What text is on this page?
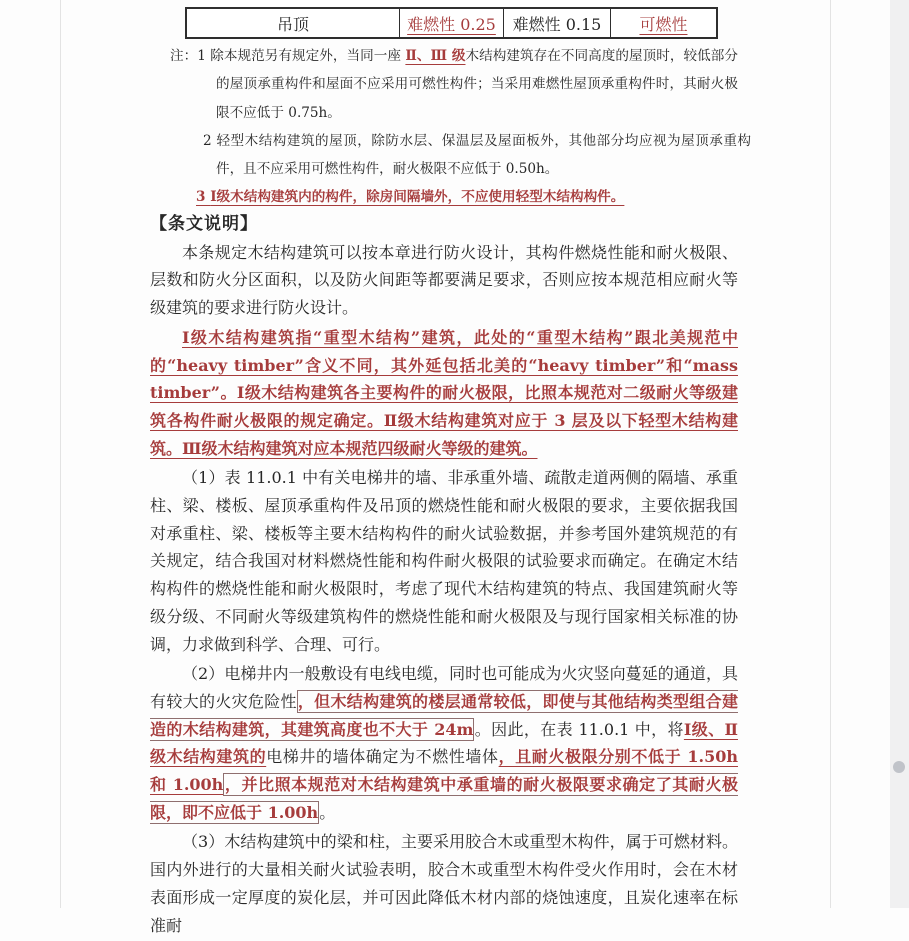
吊顶	难燃性 0.25	难燃性 0.15	可燃性
注：1 除本规范另有规定外，当同一座 Ⅱ、Ⅲ 级木结构建筑存在不同高度的屋顶时，较低部分的屋顶承重构件和屋面不应采用可燃性构件；当采用难燃性屋顶承重构件时，其耐火极限不应低于 0.75h。
2 轻型木结构建筑的屋顶，除防水层、保温层及屋面板外，其他部分均应视为屋顶承重构件，且不应采用可燃性构件，耐火极限不应低于 0.50h。
3 I级木结构建筑内的构件，除房间隔墙外，不应使用轻型木结构构件。
【条文说明】

本条规定木结构建筑可以按本章进行防火设计，其构件燃烧性能和耐火极限、层数和防火分区面积，以及防火间距等都要满足要求，否则应按本规范相应耐火等级建筑的要求进行防火设计。

I级木结构建筑指“重型木结构”建筑，此处的“重型木结构”跟北美规范中的“heavy timber”含义不同，其外延包括北美的“heavy timber”和“mass timber”。I级木结构建筑各主要构件的耐火极限，比照本规范对二级耐火等级建筑各构件耐火极限的规定确定。Ⅱ级木结构建筑对应于 3 层及以下轻型木结构建筑。Ⅲ级木结构建筑对应本规范四级耐火等级的建筑。

（1）表 11.0.1 中有关电梯井的墙、非承重外墙、疏散走道两侧的隔墙、承重柱、梁、楼板、屋顶承重构件及吊顶的燃烧性能和耐火极限的要求，主要依据我国对承重柱、梁、楼板等主要木结构构件的耐火试验数据，并参考国外建筑规范的有关规定，结合我国对材料燃烧性能和构件耐火极限的试验要求而确定。在确定木结构构件的燃烧性能和耐火极限时，考虑了现代木结构建筑的特点、我国建筑耐火等级分级、不同耐火等级建筑构件的燃烧性能和耐火极限及与现行国家相关标准的协调，力求做到科学、合理、可行。

（2）电梯井内一般敷设有电线电缆，同时也可能成为火灾竖向蔓延的通道，具有较大的火灾危险性，但木结构建筑的楼层通常较低，即使与其他结构类型组合建造的木结构建筑，其建筑高度也不大于 24m。因此，在表 11.0.1 中，将I级、Ⅱ 级木结构建筑的电梯井的墙体确定为不燃性墙体，且耐火极限分别不低于 1.50h 和 1.00h，并比照本规范对木结构建筑中承重墙的耐火极限要求确定了其耐火极限，即不应低于 1.00h。

（3）木结构建筑中的梁和柱，主要采用胶合木或重型木构件，属于可燃材料。国内外进行的大量相关耐火试验表明，胶合木或重型木构件受火作用时，会在木材表面形成一定厚度的炭化层，并可因此降低木材内部的烧蚀速度，且炭化速率在标准耐
